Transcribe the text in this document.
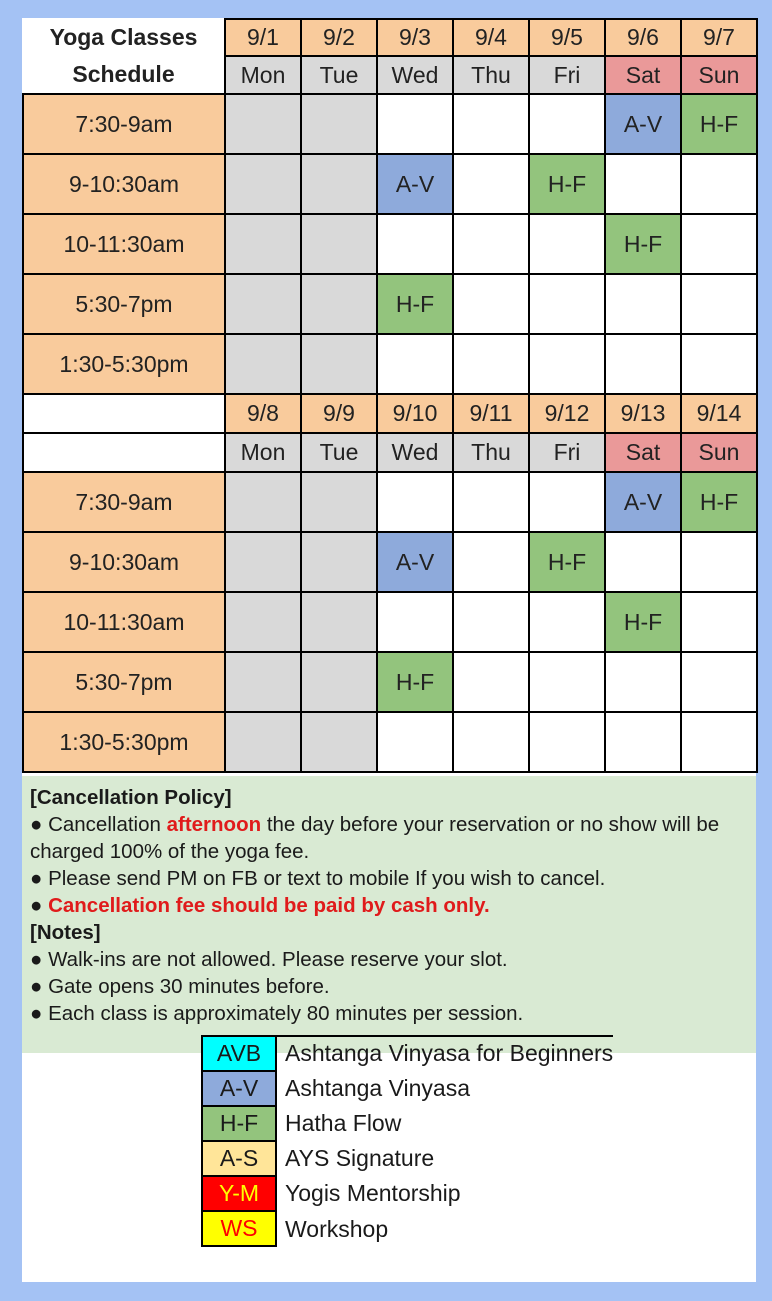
Yoga Classes	9/1	9/2	9/3	9/4	9/5	9/6	9/7
Schedule	Mon	Tue	Wed	Thu	Fri	Sat	Sun
7:30-9am						A-V	H-F
9-10:30am			A-V		H-F		
10-11:30am						H-F	
5:30-7pm			H-F				
1:30-5:30pm							
	9/8	9/9	9/10	9/11	9/12	9/13	9/14
	Mon	Tue	Wed	Thu	Fri	Sat	Sun
7:30-9am						A-V	H-F
9-10:30am			A-V		H-F		
10-11:30am						H-F	
5:30-7pm			H-F				
1:30-5:30pm							
[Cancellation Policy]
● Cancellation afternoon the day before your reservation or no show will be charged 100% of the yoga fee.
● Please send PM on FB or text to mobile If you wish to cancel.
● Cancellation fee should be paid by cash only.
[Notes]
● Walk-ins are not allowed. Please reserve your slot.
● Gate opens 30 minutes before.
● Each class is approximately 80 minutes per session.
AVB	Ashtanga Vinyasa for Beginners
A-V	Ashtanga Vinyasa
H-F	Hatha Flow
A-S	AYS Signature
Y-M	Yogis Mentorship
WS	Workshop
